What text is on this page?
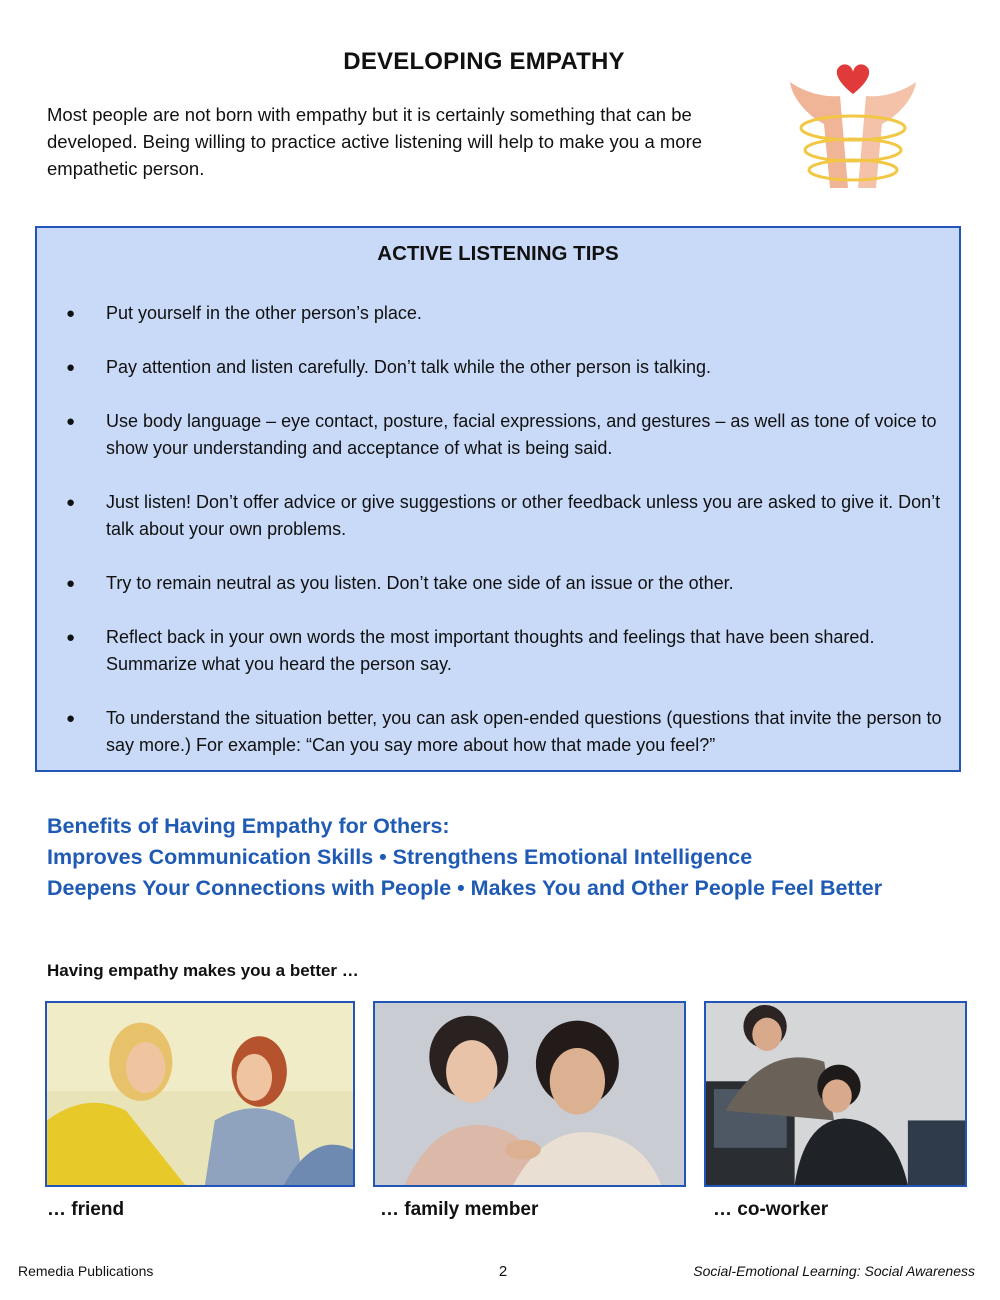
DEVELOPING EMPATHY
Most people are not born with empathy but it is certainly something that can be developed. Being willing to practice active listening will help to make you a more empathetic person.
ACTIVE LISTENING TIPS
● Put yourself in the other person’s place.
● Pay attention and listen carefully. Don’t talk while the other person is talking.
● Use body language – eye contact, posture, facial expressions, and gestures – as well as tone of voice to show your understanding and acceptance of what is being said.
● Just listen! Don’t offer advice or give suggestions or other feedback unless you are asked to give it. Don’t talk about your own problems.
● Try to remain neutral as you listen. Don’t take one side of an issue or the other.
● Reflect back in your own words the most important thoughts and feelings that have been shared. Summarize what you heard the person say.
● To understand the situation better, you can ask open-ended questions (questions that invite the person to say more.) For example: “Can you say more about how that made you feel?”
Benefits of Having Empathy for Others:
Improves Communication Skills • Strengthens Emotional Intelligence
Deepens Your Connections with People • Makes You and Other People Feel Better
Having empathy makes you a better …
… friend	… family member	… co-worker
Remedia Publications	2	Social-Emotional Learning: Social Awareness
